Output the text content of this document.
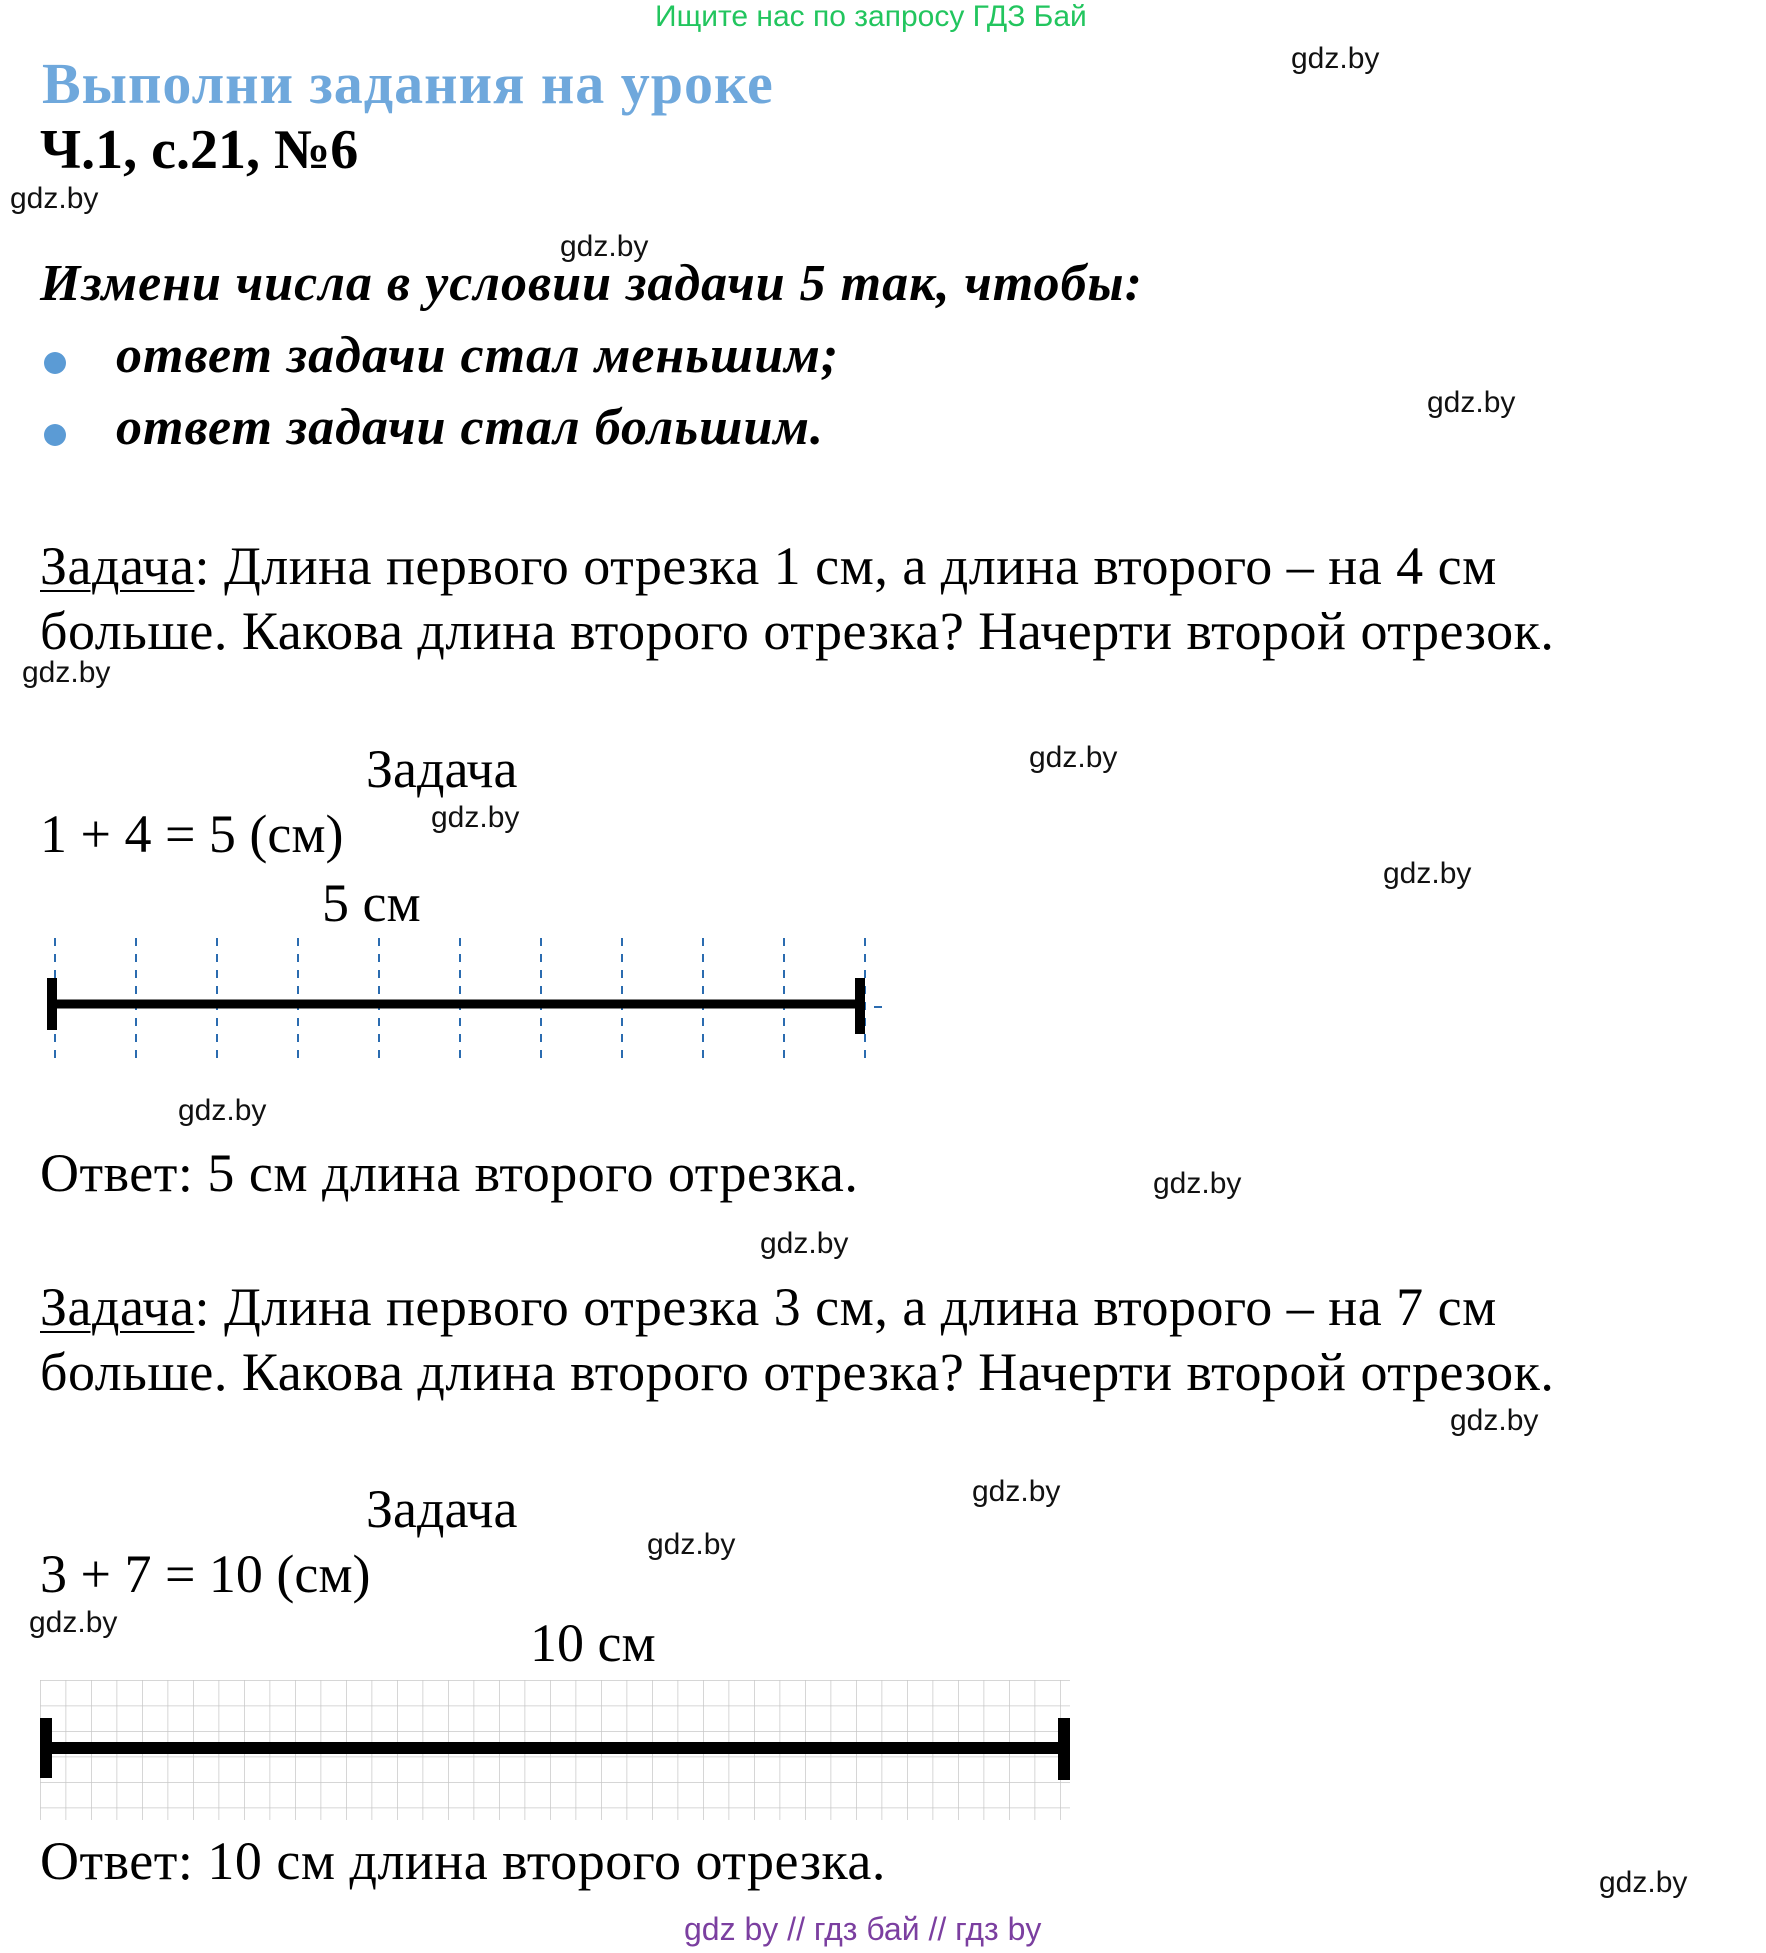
Ищите нас по запросу ГДЗ Бай
Выполни задания на уроке
Ч.1, с.21, №6
Измени числа в условии задачи 5 так, чтобы:
ответ задачи стал меньшим;
ответ задачи стал большим.
Задача: Длина первого отрезка 1 см, а длина второго – на 4 см
больше. Какова длина второго отрезка? Начерти второй отрезок.
Задача
1 + 4 = 5 (см)
5 см
Ответ: 5 см длина второго отрезка.
Задача: Длина первого отрезка 3 см, а длина второго – на 7 см
больше. Какова длина второго отрезка? Начерти второй отрезок.
Задача
3 + 7 = 10 (см)
10 см
Ответ: 10 см длина второго отрезка.
gdz.by
gdz.by
gdz.by
gdz.by
gdz.by
gdz.by
gdz.by
gdz.by
gdz.by
gdz.by
gdz.by
gdz.by
gdz.by
gdz.by
gdz.by
gdz.by
gdz by // гдз бай // гдз by
